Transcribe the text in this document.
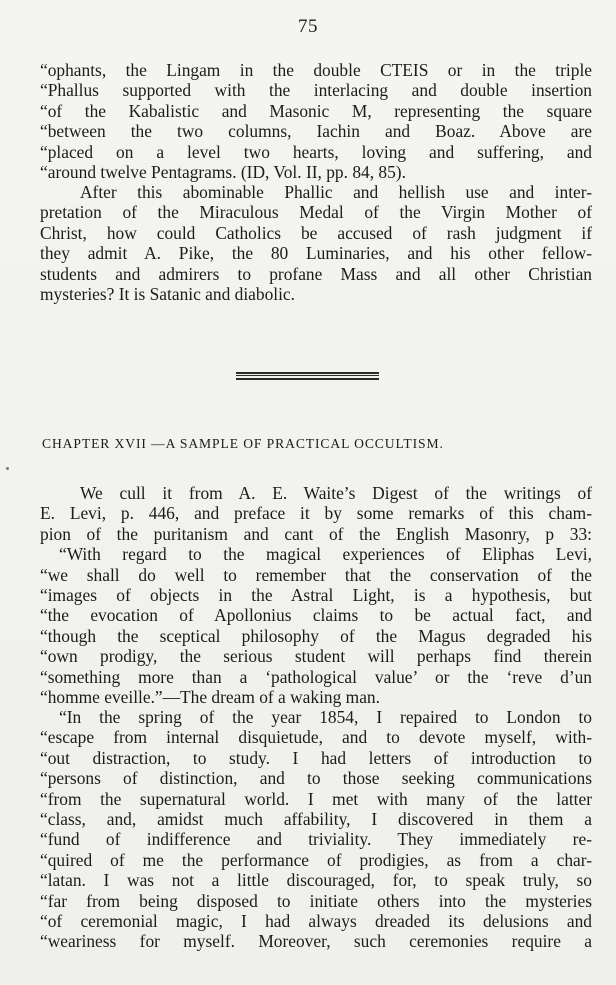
75
“ophants, the Lingam in the double CTEIS or in the triple
“Phallus supported with the interlacing and double insertion
“of the Kabalistic and Masonic M, representing the square
“between the two columns, Iachin and Boaz. Above are
“placed on a level two hearts, loving and suffering, and
“around twelve Pentagrams. (ID, Vol. II, pp. 84, 85).
After this abominable Phallic and hellish use and inter-
pretation of the Miraculous Medal of the Virgin Mother of
Christ, how could Catholics be accused of rash judgment if
they admit A. Pike, the 80 Luminaries, and his other fellow-
students and admirers to profane Mass and all other Christian
mysteries? It is Satanic and diabolic.
CHAPTER XVII —A SAMPLE OF PRACTICAL OCCULTISM.
We cull it from A. E. Waite’s Digest of the writings of
E. Levi, p. 446, and preface it by some remarks of this cham-
pion of the puritanism and cant of the English Masonry, p 33:
“With regard to the magical experiences of Eliphas Levi,
“we shall do well to remember that the conservation of the
“images of objects in the Astral Light, is a hypothesis, but
“the evocation of Apollonius claims to be actual fact, and
“though the sceptical philosophy of the Magus degraded his
“own prodigy, the serious student will perhaps find therein
“something more than a ‘pathological value’ or the ‘reve d’un
“homme eveille.”—The dream of a waking man.
“In the spring of the year 1854, I repaired to London to
“escape from internal disquietude, and to devote myself, with-
“out distraction, to study. I had letters of introduction to
“persons of distinction, and to those seeking communications
“from the supernatural world. I met with many of the latter
“class, and, amidst much affability, I discovered in them a
“fund of indifference and triviality. They immediately re-
“quired of me the performance of prodigies, as from a char-
“latan. I was not a little discouraged, for, to speak truly, so
“far from being disposed to initiate others into the mysteries
“of ceremonial magic, I had always dreaded its delusions and
“weariness for myself. Moreover, such ceremonies require a
